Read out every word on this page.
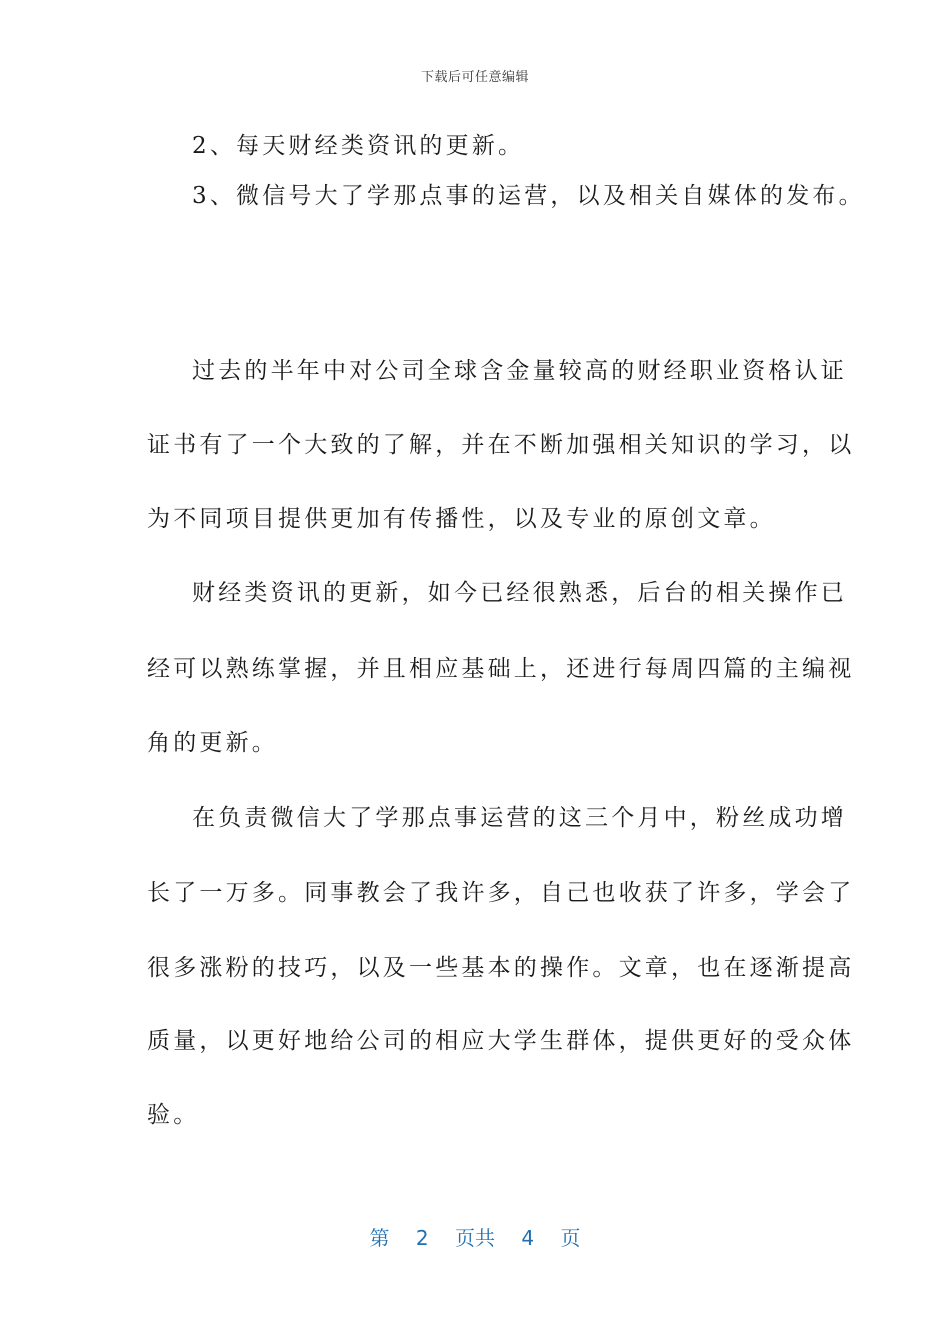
下载后可任意编辑
2、每天财经类资讯的更新。
3、微信号大了学那点事的运营，以及相关自媒体的发布。
过去的半年中对公司全球含金量较高的财经职业资格认证
证书有了一个大致的了解，并在不断加强相关知识的学习，以
为不同项目提供更加有传播性，以及专业的原创文章。
财经类资讯的更新，如今已经很熟悉，后台的相关操作已
经可以熟练掌握，并且相应基础上，还进行每周四篇的主编视
角的更新。
在负责微信大了学那点事运营的这三个月中，粉丝成功增
长了一万多。同事教会了我许多，自己也收获了许多，学会了
很多涨粉的技巧，以及一些基本的操作。文章，也在逐渐提高
质量，以更好地给公司的相应大学生群体，提供更好的受众体
验。
第 2 页共 4 页
